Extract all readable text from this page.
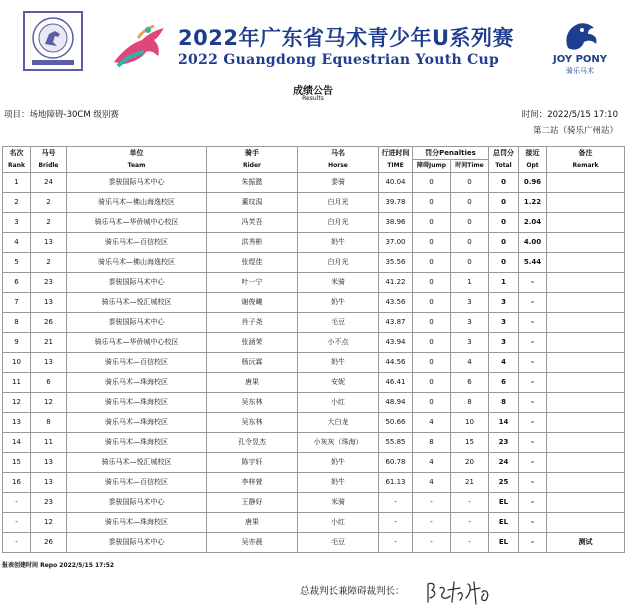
2022年广东省马术青少年U系列赛
2022 Guangdong Equestrian Youth Cup	JOY PONY
骑乐马术
成绩公告
Results
项目：场地障碍-30CM 级别赛	时间：2022/5/15 17:10
第二站（骑乐广州站）
名次	马号	单位	骑手	马名	行进时间	罚分Penalties		总罚分	接近	备注
Rank	Bridle	Team	Rider	Horse	TIME	障碍Jump	时间Time	Total	Opt	Remark
1	24	黍骏国际马术中心	朱振懿	黍骑	40.04	0	0	0	0.96	
2	2	骑乐马术—佛山海逸校区	董玟潟	白月光	39.78	0	0	0	1.22	
3	2	骑乐马术—华侨城中心校区	冯芙吾	白月光	38.96	0	0	0	2.04	
4	13	骑乐马术—百信校区	洪秀彬	奶牛	37.00	0	0	0	4.00	
5	2	骑乐马术—佛山海逸校区	张煜佳	白月光	35.56	0	0	0	5.44	
6	23	黍骏国际马术中心	叶一宁	米骑	41.22	0	1	1	-	
7	13	骑乐马术—悦汇城校区	谢俊曦	奶牛	43.56	0	3	3	-	
8	26	黍骏国际马术中心	肖子尧	毛豆	43.87	0	3	3	-	
9	21	骑乐马术—华侨城中心校区	张涵茉	小不点	43.94	0	3	3	-	
10	13	骑乐马术—百信校区	杨沅霖	奶牛	44.56	0	4	4	-	
11	6	骑乐马术—珠海校区	唐果	安妮	46.41	0	6	6	-	
12	12	骑乐马术—珠海校区	吴东林	小红	48.94	0	8	8	-	
13	8	骑乐马术—珠海校区	吴东林	大白龙	50.66	4	10	14	-	
14	11	骑乐马术—珠海校区	孔令昱杰	小灰灰（珠海）	55.85	8	15	23	-	
15	13	骑乐马术—悦汇城校区	陈宇轩	奶牛	60.78	4	20	24	-	
16	13	骑乐马术—百信校区	李梓萱	奶牛	61.13	4	21	25	-	
-	23	黍骏国际马术中心	王静好	米骑	-	-	-	EL	-	
-	12	骑乐马术—珠海校区	唐果	小红	-	-	-	EL	-	
-	26	黍骏国际马术中心	吴亦晨	毛豆	-	-	-	EL	-	测试
报表创建时间 Repo 2022/5/15 17:52
总裁判长兼障碍裁判长：
